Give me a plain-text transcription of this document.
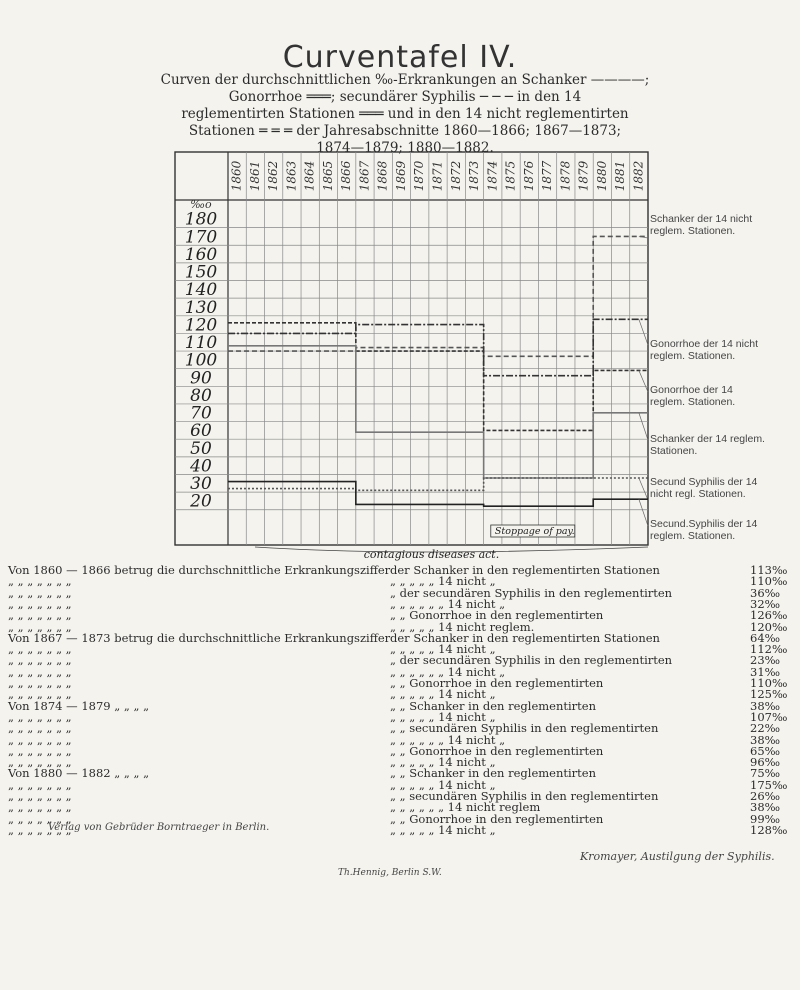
Curventafel IV.
Curven der durchschnittlichen ‰-Erkrankungen an Schanker ————;
Gonorrhoe ═══; secundärer Syphilis ─ ─ ─ in den 14
reglementirten Stationen ═══ und in den 14 nicht reglementirten
Stationen ═ ═ ═ der Jahresabschnitte 1860—1866; 1867—1873;
1874—1879; 1880—1882.
1860 1861 1862 1863 1864 1865 1866 1867 1868 1869 1870 1871 1872 1873 1874 1875 1876 1877 1878 1879 1880 1881 1882
180
170
160
150
140
130
120
110
100
90
80
70
60
50
40
30
20
‰o
Stoppage of pay.
contagious diseases act.
Schanker der 14 nicht reglem. Stationen.
Gonorrhoe der 14 nicht reglem. Stationen.
Gonorrhoe der 14 reglem. Stationen.
Schanker der 14 reglem. Stationen.
Secund Syphilis der 14 nicht regl. Stationen.
Secund.Syphilis der 14 reglem. Stationen.
Von 1860 — 1866 betrug die durchschnittliche Erkrankungsziffer der Schanker in den reglementirten Stationen	113‰
„ „ „ „ „ „ „	„ „ „ „ „ 14 nicht „	110‰
„ „ „ „ „ „ „	„ der secundären Syphilis in den reglementirten	36‰
„ „ „ „ „ „ „	„ „ „ „ „ „ 14 nicht „	32‰
„ „ „ „ „ „ „	„ „ Gonorrhoe in den reglementirten	126‰
„ „ „ „ „ „ „	„ „ „ „ „ 14 nicht reglem.	120‰
Von 1867 — 1873 betrug die durchschnittliche Erkrankungsziffer der Schanker in den reglementirten Stationen	64‰
„ „ „ „ „ „ „	„ „ „ „ „ 14 nicht „	112‰
„ „ „ „ „ „ „	„ der secundären Syphilis in den reglementirten	23‰
„ „ „ „ „ „ „	„ „ „ „ „ „ 14 nicht „	31‰
„ „ „ „ „ „ „	„ „ Gonorrhoe in den reglementirten	110‰
„ „ „ „ „ „ „	„ „ „ „ „ 14 nicht „	125‰
Von 1874 — 1879 „ „ „ „	„ „ Schanker in den reglementirten	38‰
„ „ „ „ „ „ „	„ „ „ „ „ 14 nicht „	107‰
„ „ „ „ „ „ „	„ „ secundären Syphilis in den reglementirten	22‰
„ „ „ „ „ „ „	„ „ „ „ „ „ 14 nicht „	38‰
„ „ „ „ „ „ „	„ „ Gonorrhoe in den reglementirten	65‰
„ „ „ „ „ „ „	„ „ „ „ „ 14 nicht „	96‰
Von 1880 — 1882 „ „ „ „	„ „ Schanker in den reglementirten	75‰
„ „ „ „ „ „ „	„ „ „ „ „ 14 nicht „	175‰
„ „ „ „ „ „ „	„ „ secundären Syphilis in den reglementirten	26‰
„ „ „ „ „ „ „	„ „ „ „ „ „ 14 nicht reglem	38‰
„ „ „ „ „ „ „	„ „ Gonorrhoe in den reglementirten	99‰
„ „ „ „ „ „ „	„ „ „ „ „ 14 nicht „	128‰
Verlag von Gebrüder Borntraeger in Berlin.
Kromayer, Austilgung der Syphilis.
Th.Hennig, Berlin S.W.
